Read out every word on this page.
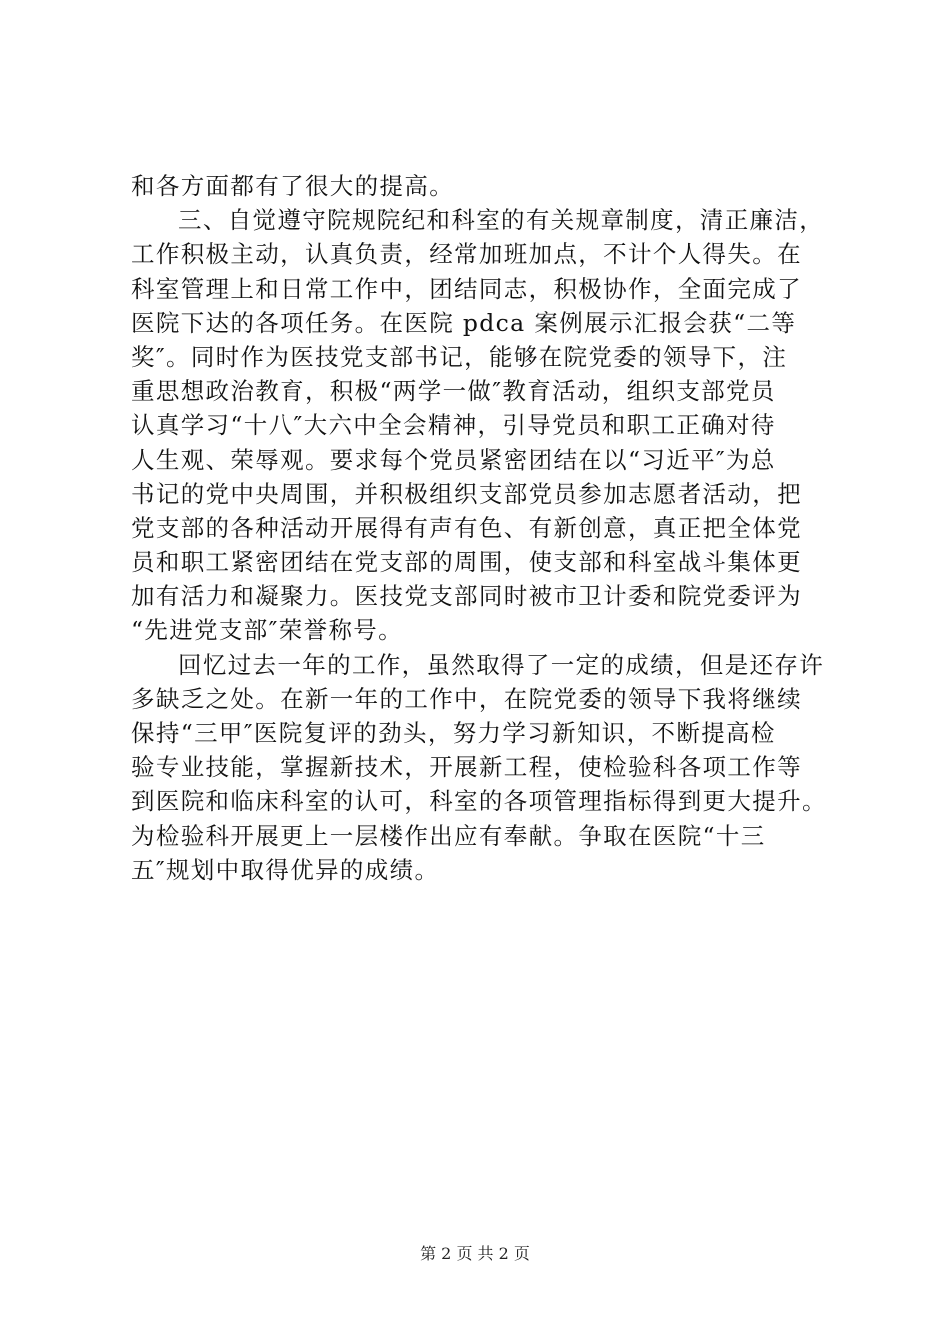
和各方面都有了很大的提高。
三、自觉遵守院规院纪和科室的有关规章制度，清正廉洁，
工作积极主动，认真负责，经常加班加点，不计个人得失。在
科室管理上和日常工作中，团结同志，积极协作，全面完成了
医院下达的各项任务。在医院 pdca 案例展示汇报会获“二等
奖″。同时作为医技党支部书记，能够在院党委的领导下，注
重思想政治教育，积极“两学一做″教育活动，组织支部党员
认真学习“十八″大六中全会精神，引导党员和职工正确对待
人生观、荣辱观。要求每个党员紧密团结在以“习近平″为总
书记的党中央周围，并积极组织支部党员参加志愿者活动，把
党支部的各种活动开展得有声有色、有新创意，真正把全体党
员和职工紧密团结在党支部的周围，使支部和科室战斗集体更
加有活力和凝聚力。医技党支部同时被市卫计委和院党委评为
“先进党支部″荣誉称号。
回忆过去一年的工作，虽然取得了一定的成绩，但是还存许
多缺乏之处。在新一年的工作中，在院党委的领导下我将继续
保持“三甲″医院复评的劲头，努力学习新知识，不断提高检
验专业技能，掌握新技术，开展新工程，使检验科各项工作等
到医院和临床科室的认可，科室的各项管理指标得到更大提升。
为检验科开展更上一层楼作出应有奉献。争取在医院“十三
五″规划中取得优异的成绩。
第 2 页 共 2 页
